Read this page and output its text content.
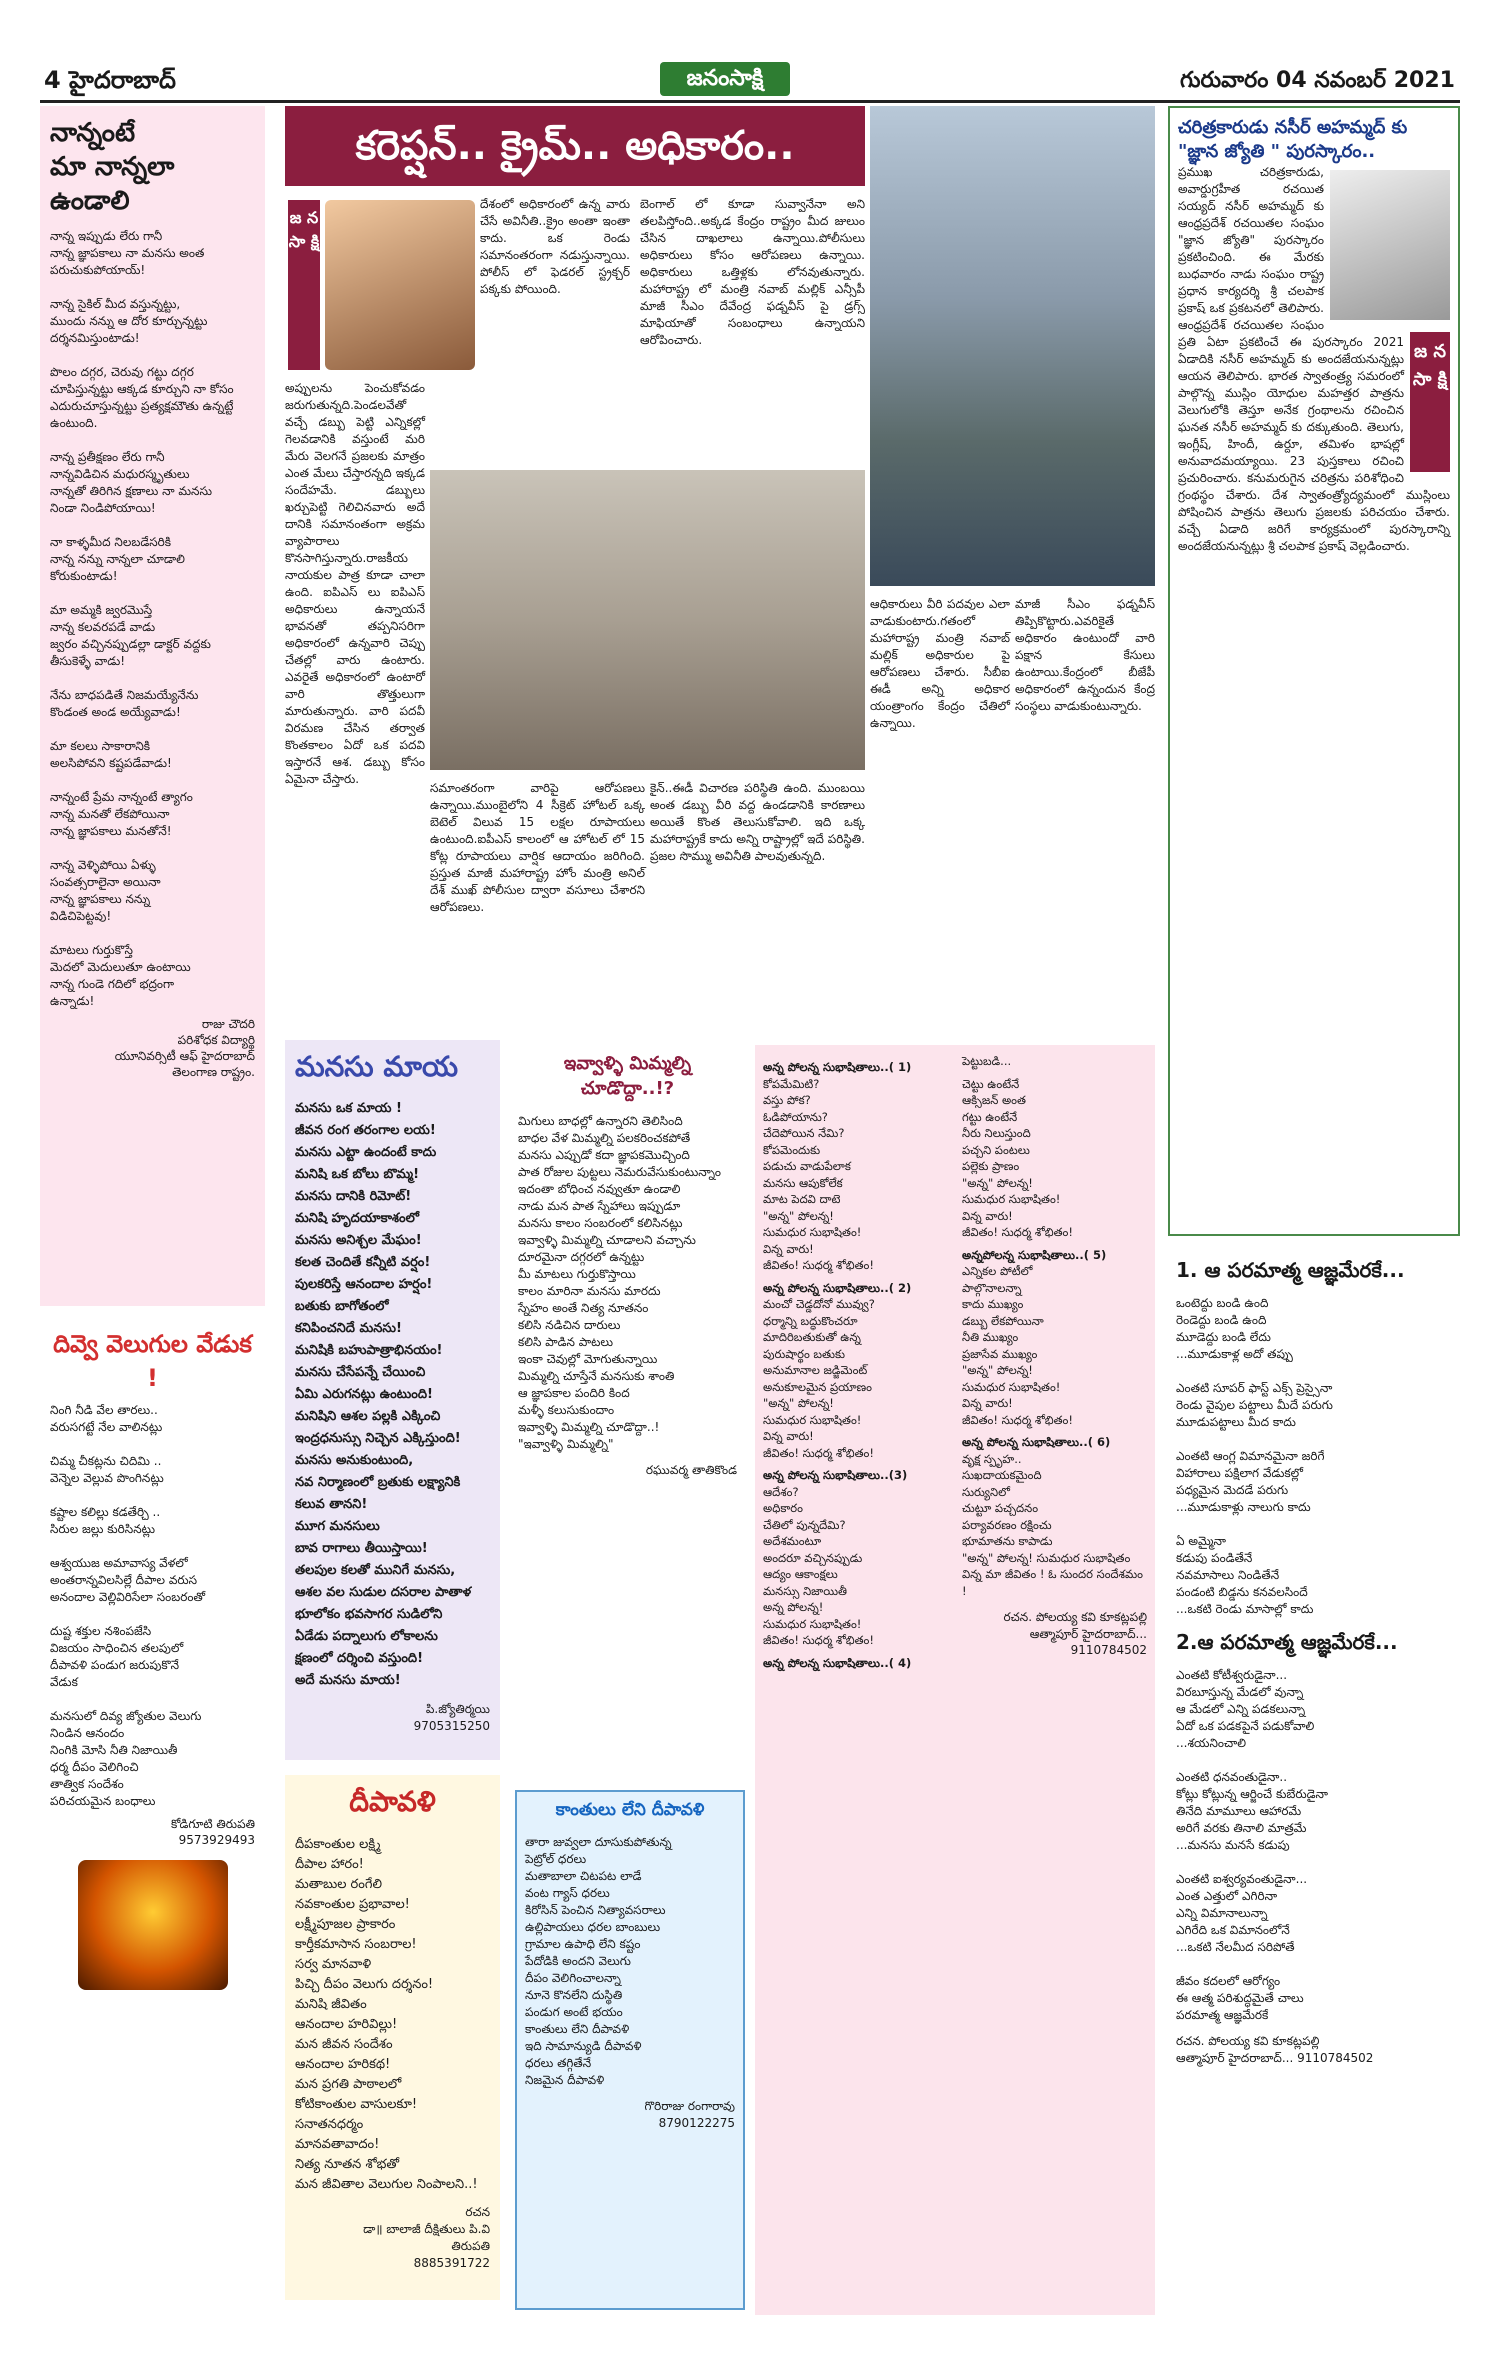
4 హైదరాబాద్	జనంసాక్షి	గురువారం 04 నవంబర్ 2021
నాన్నంటే
మా నాన్నలా ఉండాలి
నాన్న ఇప్పుడు లేరు గానీ
నాన్న జ్ఞాపకాలు నా మనసు అంత
పరుచుకుపోయాయ్!

నాన్న సైకిల్ మీద వస్తున్నట్టు,
ముందు నన్ను ఆ దోర కూర్చున్నట్టు
దర్శనమిస్తుంటాడు!

పొలం దగ్గర, చెరువు గట్టు దగ్గర
చూపిస్తున్నట్టు ఆక్కడ కూర్చుని నా కోసం
ఎదురుచూస్తున్నట్టు ప్రత్యక్షమౌతు ఉన్నట్టే
ఉంటుంది.

నాన్న ప్రతీక్షణం లేరు గానీ
నాన్నవిడిచిన మధురస్మృతులు
నాన్నతో తిరిగిన క్షణాలు నా మనసు
నిండా నిండిపోయాయి!

నా కాళ్ళమీద నిలబడేసరికి
నాన్న నన్ను నాన్నలా చూడాలి
కోరుకుంటాడు!

మా అమ్మకి జ్వరమొస్తే
నాన్న కలవరపడే వాడు
జ్వరం వచ్చినప్పుడల్లా డాక్టర్ వద్దకు
తీసుకెళ్ళే వాడు!

నేను బాధపడితే నిజమయ్యేనేను
కొండంత అండ అయ్యేవాడు!

మా కలలు సాకారానికి
అలసిపోవని కష్టపడేవాడు!

నాన్నంటే ప్రేమ నాన్నంటే త్యాగం
నాన్న మనతో లేకపోయినా
నాన్న జ్ఞాపకాలు మనతోనే!

నాన్న వెళ్ళిపోయి ఏళ్ళు
సంవత్సరాలైనా అయినా
నాన్న జ్ఞాపకాలు నన్ను
విడిచిపెట్టవు!

మాటలు గుర్తుకొస్తే
మెదలో మెదులుతూ ఉంటాయి
నాన్న గుండె గదిలో భద్రంగా
ఉన్నాడు!
రాజు చౌదరి
పరిశోధక విద్యార్థి
యూనివర్సిటీ ఆఫ్ హైదరాబాద్
తెలంగాణ రాష్ట్రం.
దివ్వె వెలుగుల వేడుక !
నింగి నీడి వేల తారలు..
వరుసగట్టే నేల వాలినట్లు

చిమ్మ చీకట్లను చిదిమి ..
వెన్నెల వెల్లువ పొంగినట్లు

కష్టాల కలిల్లు కడతేర్చి ..
సిరుల జల్లు కురిసినట్లు

ఆశ్వయుజ అమావాస్య వేళలో
అంతరాన్నవిలసిల్లే దీపాల వరుస
అనందాల వెల్లివిరిసేలా సంబరంతో

దుష్ట శక్తుల నశింపజేసి
విజయం సాధించిన తలపులో
దీపావళి పండుగ జరుపుకొనే
వేడుక

మనసులో దివ్య జ్యోతుల వెలుగు
నిండిన ఆనందం
నింగికి మోసి నీతి నిజాయితీ
ధర్మ దీపం వెలిగించి
తాత్విక సందేశం
పరిచయమైన బంధాలు
కోడిగూటి తిరుపతి
9573929493
కరెప్షన్.. క్రైమ్.. అధికారం..
జ న సా క్షి
దేశంలో అధికారంలో ఉన్న వారు చేసే అవినీతి..క్రైం అంతా ఇంతా కాదు. ఒక రెండు సమానంతరంగా నడుస్తున్నాయి. పోలీస్ లో ఫెడరల్ స్ట్రక్చర్ పక్కకు పోయింది.
బెంగాల్ లో కూడా సువ్వానేనా అని తలపిస్తోంది..అక్కడ కేంద్రం రాష్ట్రం మీద జులుం చేసిన దాఖలాలు ఉన్నాయి.పోలీసులు అధికారులు కోసం ఆరోపణలు ఉన్నాయి. అధికారులు ఒత్తిళ్లకు లోనవుతున్నారు. మహారాష్ట్ర లో మంత్రి నవాబ్ మల్లిక్ ఎన్సీపీ మాజీ సీఎం దేవేంద్ర ఫడ్నవీస్ పై డ్రగ్స్ మాఫియాతో సంబంధాలు ఉన్నాయని ఆరోపించారు.
ఆధికారులు వీరి పదవుల ఎలా వాడుకుంటారు.గతంలో మహారాష్ట్ర మంత్రి నవాబ్ మల్లిక్ అధికారుల పై ఆరోపణలు చేశారు. సీబీఐ ఈడీ అన్ని అధికార యంత్రాంగం కేంద్రం చేతిలో ఉన్నాయి.
మాజీ సీఎం ఫడ్నవీస్ తిప్పికొట్టారు.ఎవరికైతే అధికారం ఉంటుందో వారి పక్షాన కేసులు ఉంటాయి.కేంద్రంలో బీజేపీ అధికారంలో ఉన్నందున కేంద్ర సంస్థలు వాడుకుంటున్నారు.
అప్పులను పెంచుకోవడం జరుగుతున్నది.పెండలవేతో వచ్చే డబ్బు పెట్టి ఎన్నికల్లో గెలవడానికి వస్తుంటే మరి మేరు వెలగనే ప్రజలకు మాత్రం ఎంత మేలు చేస్తారన్నది ఇక్కడ సందేహమే. డబ్బులు ఖర్చుపెట్టి గెలిచినవారు అదే దానికి సమానంతంగా అక్రమ వ్యాపారాలు కొనసాగిస్తున్నారు.రాజకీయ నాయకుల పాత్ర కూడా చాలా ఉంది. ఐపిఎస్ లు ఐపిఎస్ అధికారులు ఉన్నాయనే భావనతో తప్పనిసరిగా అధికారంలో ఉన్నవారి చెప్పు చేతల్లో వారు ఉంటారు. ఎవరైతే అధికారంలో ఉంటారో వారి తొత్తులుగా మారుతున్నారు. వారి పదవీ విరమణ చేసిన తర్వాత కొంతకాలం ఏదో ఒక పదవి ఇస్తారనే ఆశ. డబ్బు కోసం ఏమైనా చేస్తారు.
సమాంతరంగా వారిపై ఆరోపణలు ఉన్నాయి.ముంబైలోని 4 సీక్రెట్ హోటల్ ఒక్క బెటెల్ విలువ 15 లక్షల రూపాయలు ఉంటుంది.ఐపీఎస్ కాలంలో ఆ హోటల్ లో 15 కోట్ల రూపాయలు వార్షిక ఆదాయం జరిగింది. ప్రస్తుత మాజీ మహారాష్ట్ర హోం మంత్రి అనిల్ దేశ్ ముఖ్ పోలీసుల ద్వారా వసూలు చేశారని ఆరోపణలు.
కైన్..ఈడీ విచారణ పరిస్థితి ఉంది. ముంబయి అంత డబ్బు వీరి వద్ద ఉండడానికి కారణాలు అయితే కొంత తెలుసుకోవాలి. ఇది ఒక్క మహారాష్ట్రకే కాదు అన్ని రాష్ట్రాల్లో ఇదే పరిస్థితి. ప్రజల సొమ్ము అవినీతి పాలవుతున్నది.
చరిత్రకారుడు నసీర్ అహమ్మద్ కు "జ్ఞాన జ్యోతి " పురస్కారం..
జ న సా క్షి
ప్రముఖ చరిత్రకారుడు, అవార్డుగ్రహీత రచయిత సయ్యద్ నసీర్ అహమ్మద్ కు ఆంధ్రప్రదేశ్ రచయితల సంఘం "జ్ఞాన జ్యోతి" పురస్కారం ప్రకటించింది. ఈ మేరకు బుధవారం నాడు సంఘం రాష్ట్ర ప్రధాన కార్యదర్శి శ్రీ చలపాక ప్రకాష్ ఒక ప్రకటనలో తెలిపారు. ఆంధ్రప్రదేశ్ రచయితల సంఘం ప్రతి ఏటా ప్రకటించే ఈ పురస్కారం 2021 ఏడాదికి నసీర్ అహమ్మద్ కు అందజేయనున్నట్లు ఆయన తెలిపారు. భారత స్వాతంత్ర్య సమరంలో పాల్గొన్న ముస్లిం యోధుల మహత్తర పాత్రను వెలుగులోకి తెస్తూ అనేక గ్రంథాలను రచించిన ఘనత నసీర్ అహమ్మద్ కు దక్కుతుంది. తెలుగు, ఇంగ్లీష్, హిందీ, ఉర్దూ, తమిళం భాషల్లో అనువాదమయ్యాయి. 23 పుస్తకాలు రచించి ప్రచురించారు. కనుమరుగైన చరిత్రను పరిశోధించి గ్రంథస్థం చేశారు. దేశ స్వాతంత్ర్యోద్యమంలో ముస్లింలు పోషించిన పాత్రను తెలుగు ప్రజలకు పరిచయం చేశారు. వచ్చే ఏడాది జరిగే కార్యక్రమంలో పురస్కారాన్ని అందజేయనున్నట్లు శ్రీ చలపాక ప్రకాష్ వెల్లడించారు.
మనసు మాయ
మనసు ఒక మాయ !
జీవన రంగ తరంగాల లయ!
మనసు ఎట్టా ఉందంటే కాదు
మనిషి ఒక బోలు బొమ్మ!
మనసు దానికి రిమోట్!
మనిషి హృదయాకాశంలో
మనసు అనిశ్చల మేఘం!
కలత చెందితే కన్నీటి వర్షం!
పులకరిస్తే ఆనందాల హర్షం!
బతుకు బాగోతంలో
కనిపించనిదే మనసు!
మనిషికి బహుపాత్రాభినయం!
మనసు చేసేపన్నే చేయించి
ఏమి ఎరుగనట్లు ఉంటుంది!
మనిషిని ఆశల పల్లకి ఎక్కించి
ఇంద్రధనుస్సు నిచ్చెన ఎక్కిస్తుంది!
మనసు అనుకుంటుంది,
నవ నిర్మాణంలో బ్రతుకు లక్ష్యానికి
కలువ తానని!
మూగ మనసులు
బావ రాగాలు తీయిస్తాయి!
తలపుల కలతో మునిగే మనసు,
ఆశల వల సుడుల దసరాల పాతాళ
భూలోకం భవసాగర సుడిలోని
ఏడేడు పద్నాలుగు లోకాలను
క్షణంలో దర్శించి వస్తుంది!
అదే మనసు మాయ!
పి.జ్యోతిర్మయి
9705315250
దీపావళి
దీపకాంతుల లక్ష్మి
దీపాల హారం!
మతాబుల రంగేలి
నవకాంతుల ప్రభావాల!
లక్ష్మీపూజల ప్రాకారం
కార్తీకమాసాన సంబరాల!
సర్వ మానవాళి
పిచ్చి దీపం వెలుగు దర్శనం!
మనిషి జీవితం
ఆనందాల హరివిల్లు!
మన జీవన సందేశం
ఆనందాల హరికథ!
మన ప్రగతి పాఠాలలో
కోటికాంతుల వాసులకూ!
సనాతనధర్మం
మానవతావాదం!
నిత్య నూతన శోభతో
మన జీవితాల వెలుగుల నింపాలని..!
రచన
డా॥ బాలాజీ దీక్షితులు పి.వి
తిరుపతి
8885391722
ఇవ్వాళ్ళి మిమ్మల్ని చూడొద్దా..!?
మిగులు బాధల్లో ఉన్నారని తెలిసింది
బాధల వేళ మిమ్మల్ని పలకరించకపోతే
మనసు ఎప్పుడో కదా జ్ఞాపకమొచ్చింది
పాత రోజుల పుట్టలు నెమరువేసుకుంటున్నాం
ఇదంతా బోధించ నవ్వుతూ ఉండాలి
నాడు మన పాత స్నేహాలు ఇప్పుడూ
మనసు కాలం సంబరంలో కలిసినట్లు
ఇవ్వాళ్ళి మిమ్మల్ని చూడాలని వచ్చాను
దూరమైనా దగ్గరలో ఉన్నట్టు
మీ మాటలు గుర్తుకొస్తాయి
కాలం మారినా మనసు మారదు
స్నేహం అంతే నిత్య నూతనం
కలిసి నడిచిన దారులు
కలిసి పాడిన పాటలు
ఇంకా చెవుల్లో మోగుతున్నాయి
మిమ్మల్ని చూస్తేనే మనసుకు శాంతి
ఆ జ్ఞాపకాల పందిరి కింద
మళ్ళీ కలుసుకుందాం
ఇవ్వాళ్ళి మిమ్మల్ని చూడొద్దా..!
"ఇవ్వాళ్ళి మిమ్మల్ని"
రఘువర్మ తాతికొండ
కాంతులు లేని దీపావళి
తారా జువ్వలా దూసుకుపోతున్న
పెట్రోల్ ధరలు
మతాబాలా చిటపట లాడే
వంట గ్యాస్ ధరలు
కిరోసిన్ పెంచిన నిత్యావసరాలు
ఉల్లిపాయలు ధరల బాంబులు
గ్రామాల ఉపాధి లేని కష్టం
పేదోడికి అందని వెలుగు
దీపం వెలిగించాలన్నా
నూనె కొనలేని దుస్థితి
పండుగ అంటే భయం
కాంతులు లేని దీపావళి
ఇది సామాన్యుడి దీపావళి
ధరలు తగ్గితేనే
నిజమైన దీపావళి
గొరిరాజు రంగారావు
8790122275
అన్న పోలన్న సుభాషితాలు..( 1)
కోపమేమిటి?
వస్తు పోక?
ఓడిపోయాను?
చేదెపోయిన నేమి?
కోపమెందుకు
పడుచు వాడుపేలాక
మనసు ఆపుకోలేక
మాట పెదవి దాటె
"అన్న" పోలన్న!
సుమధుర సుభాషితం!
విన్న వారు!
జీవితం! సుధర్మ శోభితం!
అన్న పోలన్న సుభాషితాలు..( 2)
మంచో చెడ్డదోనో మువ్వు?
ధర్మాన్ని బద్ధుకొంచరూ
మాదిరిబతుకుతో ఉన్న
పురుషార్థం బతుకు
అనుమానాల జడ్జిమెంట్
అనుకూలమైన ప్రయాణం
"అన్న" పోలన్న!
సుమధుర సుభాషితం!
విన్న వారు!
జీవితం! సుధర్మ శోభితం!
అన్న పోలన్న సుభాషితాలు..(3)
ఆదేశం?
అధికారం
చేతిలో పున్నదేమి?
అదేశమంటూ
అందరూ వచ్చినప్పుడు
ఆద్యం ఆకాంక్షలు
మనస్సు నిజాయితీ
అన్న పోలన్న!
సుమధుర సుభాషితం!
జీవితం! సుధర్మ శోభితం!
అన్న పోలన్న సుభాషితాలు..( 4)
పెట్టుబడి...
చెట్టు ఉంటేనే
ఆక్సిజన్ అంత
గట్టు ఉంటేనే
నీరు నిలుస్తుంది
పచ్చని పంటలు
పల్లెకు ప్రాణం
"అన్న" పోలన్న!
సుమధుర సుభాషితం!
విన్న వారు!
జీవితం! సుధర్మ శోభితం!
అన్నపోలన్న సుభాషితాలు..( 5)
ఎన్నికల పోటీలో
పాల్గొనాలన్నా
కాదు ముఖ్యం
డబ్బు లేకపోయినా
నీతి ముఖ్యం
ప్రజాసేవ ముఖ్యం
"అన్న" పోలన్న!
సుమధుర సుభాషితం!
విన్న వారు!
జీవితం! సుధర్మ శోభితం!
అన్న పోలన్న సుభాషితాలు..( 6)
వృక్ష స్పృహ..
సుఖదాయకమైంది
సుర్యునిలో
చుట్టూ పచ్చదనం
పర్యావరణం రక్షించు
భూమాతను కాపాడు
"అన్న" పోలన్న! సుమధుర సుభాషితం
విన్న మా జీవితం ! ఓ సుందర సందేశమం !
రచన. పోలయ్య కవి కూకట్లపల్లి
ఆత్మాపూర్ హైదరాబాద్...
9110784502
1. ఆ పరమాత్మ ఆజ్ఞమేరకే...
ఒంటెద్దు బండి ఉంది
రెండెద్దు బండి ఉంది
మూడెద్దు బండి లేదు
...మూడుకాళ్ల అదో తప్పు

ఎంతటి సూపర్ ఫాస్ట్ ఎక్స్ ప్రెస్సైనా
రెండు వైపుల పట్టాలు మీదే పరుగు
మూడుపట్టాలు మీద కాదు

ఎంతటి ఆంగ్ల విమానమైనా జరిగే
విహారాలు పక్షిలాగ వేడుకల్లో
పధ్యమైన మెదడే పరుగు
...మూడుకాళ్లు నాలుగు కాదు

ఏ అమ్మైనా
కడుపు పండితేనే
నవమాసాలు నిండితేనే
పండంటి బిడ్డను కనవలసిందే
...ఒకటి రెండు మాసాల్లో కాదు
2.ఆ పరమాత్మ ఆజ్ఞమేరకే...
ఎంతటి కోటీశ్వరుడైనా...
విరబూస్తున్న మేడలో వున్నా
ఆ మేడలో ఎన్ని పడకలున్నా
ఏదో ఒక పడకపైనే పడుకోవాలి
...శయనించాలి

ఎంతటి ధనవంతుడైనా..
కోట్లు కోట్లున్న ఆర్జించే కుబేరుడైనా
తినేది మామూలు ఆహారమే
అరిగే వరకు తినాలి మాత్రమే
...మనసు మనసే కడుపు

ఎంతటి ఐశ్వర్యవంతుడైనా...
ఎంత ఎత్తులో ఎగిరినా
ఎన్ని విమానాలున్నా
ఎగిరేది ఒక విమానంలోనే
...ఒకటి నేలమీద సరిపోతే

జీవం కదలలో ఆరోగ్యం
ఈ ఆత్మ పరిశుద్ధమైతే చాలు
పరమాత్మ ఆజ్ఞమేరకే
రచన. పోలయ్య కవి కూకట్లపల్లి
ఆత్మాపూర్ హైదరాబాద్... 9110784502
